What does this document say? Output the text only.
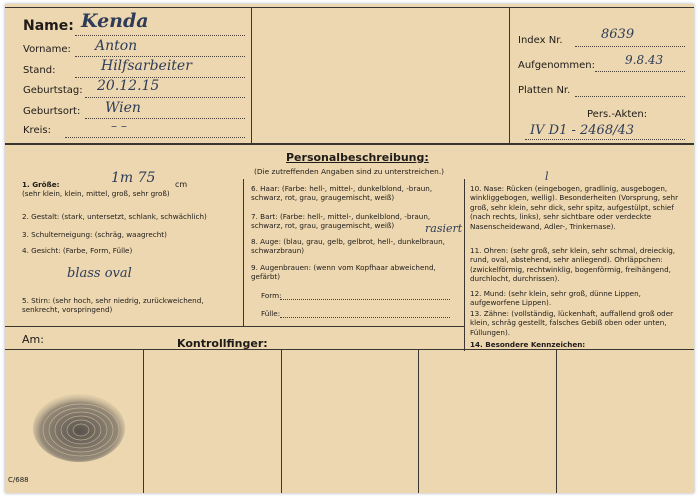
Name: Kenda
Vorname: Anton
Stand:	Hilfsarbeiter
Geburtstag: 20.12.15
Geburtsort: Wien
Kreis:	– –
Index Nr.	8639
Aufgenommen:	9.8.43
Platten Nr.
Pers.-Akten:
IV D1 - 2468/43
Personalbeschreibung:
(Die zutreffenden Angaben sind zu unterstreichen.)
1. Größe:
(sehr klein, klein, mittel, groß, sehr groß)
1m 75 cm
2. Gestalt: (stark, untersetzt, schlank, schwächlich)
3. Schulterneigung: (schräg, waagrecht)
4. Gesicht: (Farbe, Form, Fülle)
blass oval
5. Stirn: (sehr hoch, sehr niedrig, zurückweichend, senkrecht, vorspringend)
6. Haar: (Farbe: hell-, mittel-, dunkelblond, -braun, schwarz, rot, grau, graugemischt, weiß)
7. Bart: (Farbe: hell-, mittel-, dunkelblond, -braun, schwarz, rot, grau, graugemischt, weiß)	rasiert
8. Auge: (blau, grau, gelb, gelbrot, hell-, dunkelbraun, schwarzbraun)
9. Augenbrauen: (wenn vom Kopfhaar abweichend, gefärbt)
Form:
Fülle:
10. Nase: Rücken (eingebogen, gradlinig, ausgebogen, winkliggebogen, wellig). Besonderheiten (Vorsprung, sehr groß, sehr klein, sehr dick, sehr spitz, aufgestülpt, schief (nach rechts, links), sehr sichtbare oder verdeckte Nasenscheidewand, Adler-, Trinkernase).
l
11. Ohren: (sehr groß, sehr klein, sehr schmal, dreieckig, rund, oval, abstehend, sehr anliegend). Ohrläppchen: (zwickelförmig, rechtwinklig, bogenförmig, freihängend, durchlocht, durchrissen).
12. Mund: (sehr klein, sehr groß, dünne Lippen, aufgeworfene Lippen).
13. Zähne: (vollständig, lückenhaft, auffallend groß oder klein, schräg gestellt, falsches Gebiß oben oder unten, Füllungen).
14. Besondere Kennzeichen:
Am:	Kontrollfinger:
C/688
